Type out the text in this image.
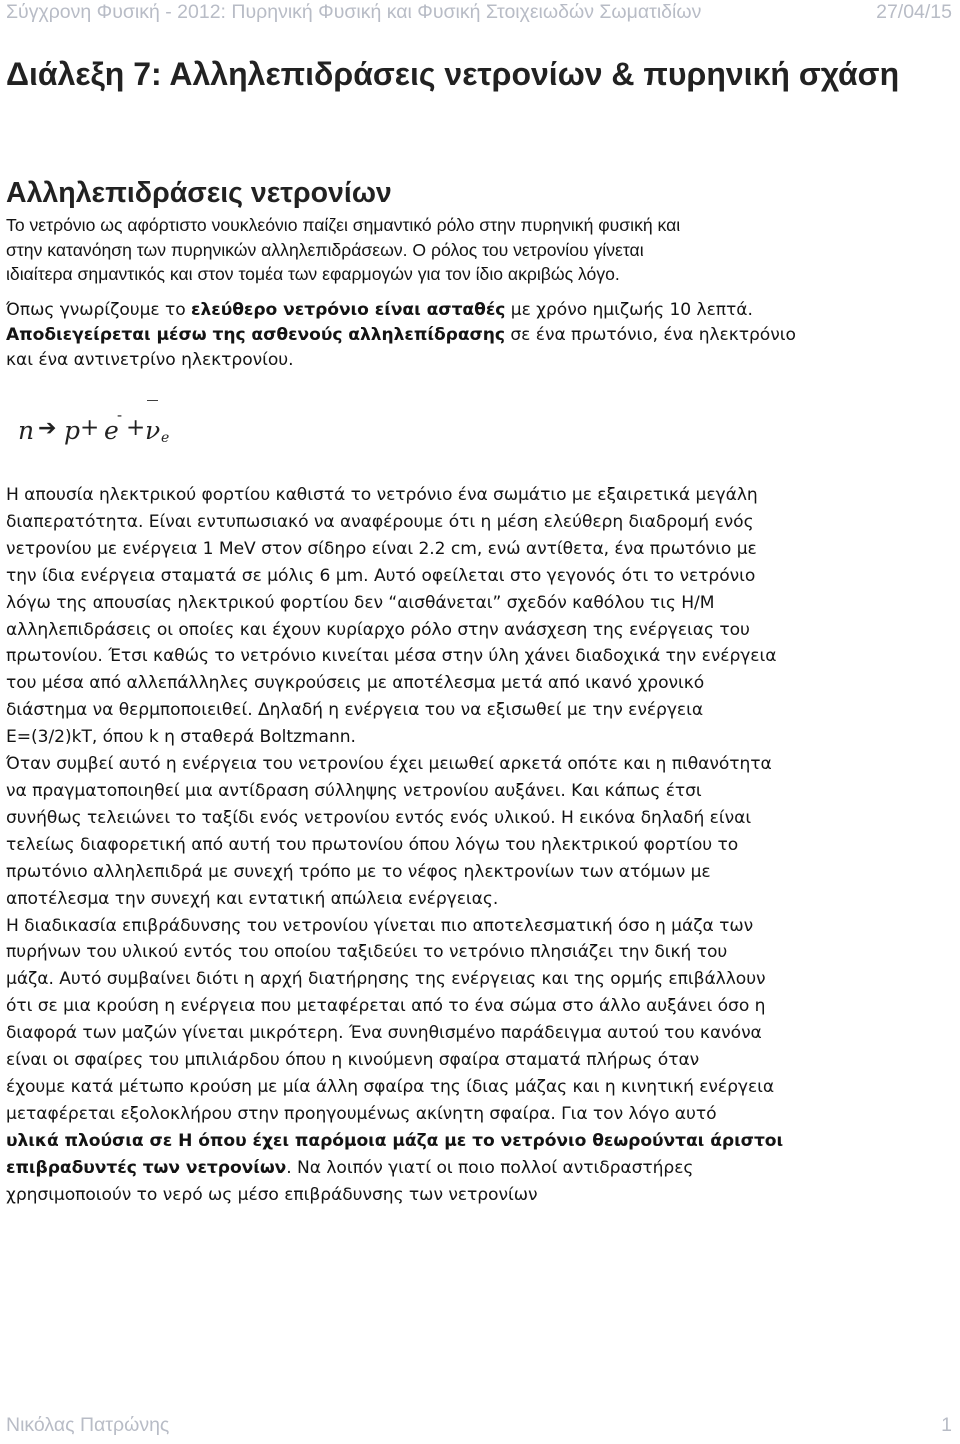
Σύγχρονη Φυσική - 2012: Πυρηνική Φυσική και Φυσική Στοιχειωδών Σωματιδίων	27/04/15
Διάλεξη 7: Αλληλεπιδράσεις νετρονίων & πυρηνική σχάση
Αλληλεπιδράσεις νετρονίων
Το νετρόνιο ως αφόρτιστο νουκλεόνιο παίζει σημαντικό ρόλο στην πυρηνική φυσική και
στην κατανόηση των πυρηνικών αλληλεπιδράσεων. Ο ρόλος του νετρονίου γίνεται
ιδιαίτερα σημαντικός και στον τομέα των εφαρμογών για τον ίδιο ακριβώς λόγο.
Όπως γνωρίζουμε το ελεύθερο νετρόνιο είναι ασταθές με χρόνο ημιζωής 10 λεπτά.
Αποδιεγείρεται μέσω της ασθενούς αλληλεπίδρασης σε ένα πρωτόνιο, ένα ηλεκτρόνιο
και ένα αντινετρίνο ηλεκτρονίου.
n ➔ p + e
- + ν
‾
e
Η απουσία ηλεκτρικού φορτίου καθιστά το νετρόνιο ένα σωμάτιο με εξαιρετικά μεγάλη
διαπερατότητα. Είναι εντυπωσιακό να αναφέρουμε ότι η μέση ελεύθερη διαδρομή ενός
νετρονίου με ενέργεια 1 MeV στον σίδηρο είναι 2.2 cm, ενώ αντίθετα, ένα πρωτόνιο με
την ίδια ενέργεια σταματά σε μόλις 6 μm. Αυτό οφείλεται στο γεγονός ότι το νετρόνιο
λόγω της απουσίας ηλεκτρικού φορτίου δεν “αισθάνεται” σχεδόν καθόλου τις Η/Μ
αλληλεπιδράσεις οι οποίες και έχουν κυρίαρχο ρόλο στην ανάσχεση της ενέργειας του
πρωτονίου. Έτσι καθώς το νετρόνιο κινείται μέσα στην ύλη χάνει διαδοχικά την ενέργεια
του μέσα από αλλεπάλληλες συγκρούσεις με αποτέλεσμα μετά από ικανό χρονικό
διάστημα να θερμποποιειθεί. Δηλαδή η ενέργεια του να εξισωθεί με την ενέργεια
E=(3/2)kT, όπου k η σταθερά Boltzmann.
Όταν συμβεί αυτό η ενέργεια του νετρονίου έχει μειωθεί αρκετά οπότε και η πιθανότητα
να πραγματοποιηθεί μια αντίδραση σύλληψης νετρονίου αυξάνει. Και κάπως έτσι
συνήθως τελειώνει το ταξίδι ενός νετρονίου εντός ενός υλικού. Η εικόνα δηλαδή είναι
τελείως διαφορετική από αυτή του πρωτονίου όπου λόγω του ηλεκτρικού φορτίου το
πρωτόνιο αλληλεπιδρά με συνεχή τρόπο με το νέφος ηλεκτρονίων των ατόμων με
αποτέλεσμα την συνεχή και εντατική απώλεια ενέργειας.
Η διαδικασία επιβράδυνσης του νετρονίου γίνεται πιο αποτελεσματική όσο η μάζα των
πυρήνων του υλικού εντός του οποίου ταξιδεύει το νετρόνιο πλησιάζει την δική του
μάζα. Αυτό συμβαίνει διότι η αρχή διατήρησης της ενέργειας και της ορμής επιβάλλουν
ότι σε μια κρούση η ενέργεια που μεταφέρεται από το ένα σώμα στο άλλο αυξάνει όσο η
διαφορά των μαζών γίνεται μικρότερη. Ένα συνηθισμένο παράδειγμα αυτού του κανόνα
είναι οι σφαίρες του μπιλιάρδου όπου η κινούμενη σφαίρα σταματά πλήρως όταν
έχουμε κατά μέτωπο κρούση με μία άλλη σφαίρα της ίδιας μάζας και η κινητική ενέργεια
μεταφέρεται εξολοκλήρου στην προηγουμένως ακίνητη σφαίρα. Για τον λόγο αυτό
υλικά πλούσια σε Η όπου έχει παρόμοια μάζα με το νετρόνιο θεωρούνται άριστοι
επιβραδυντές των νετρονίων. Να λοιπόν γιατί οι ποιο πολλοί αντιδραστήρες
χρησιμοποιούν το νερό ως μέσο επιβράδυνσης των νετρονίων
Νικόλας Πατρώνης	1
